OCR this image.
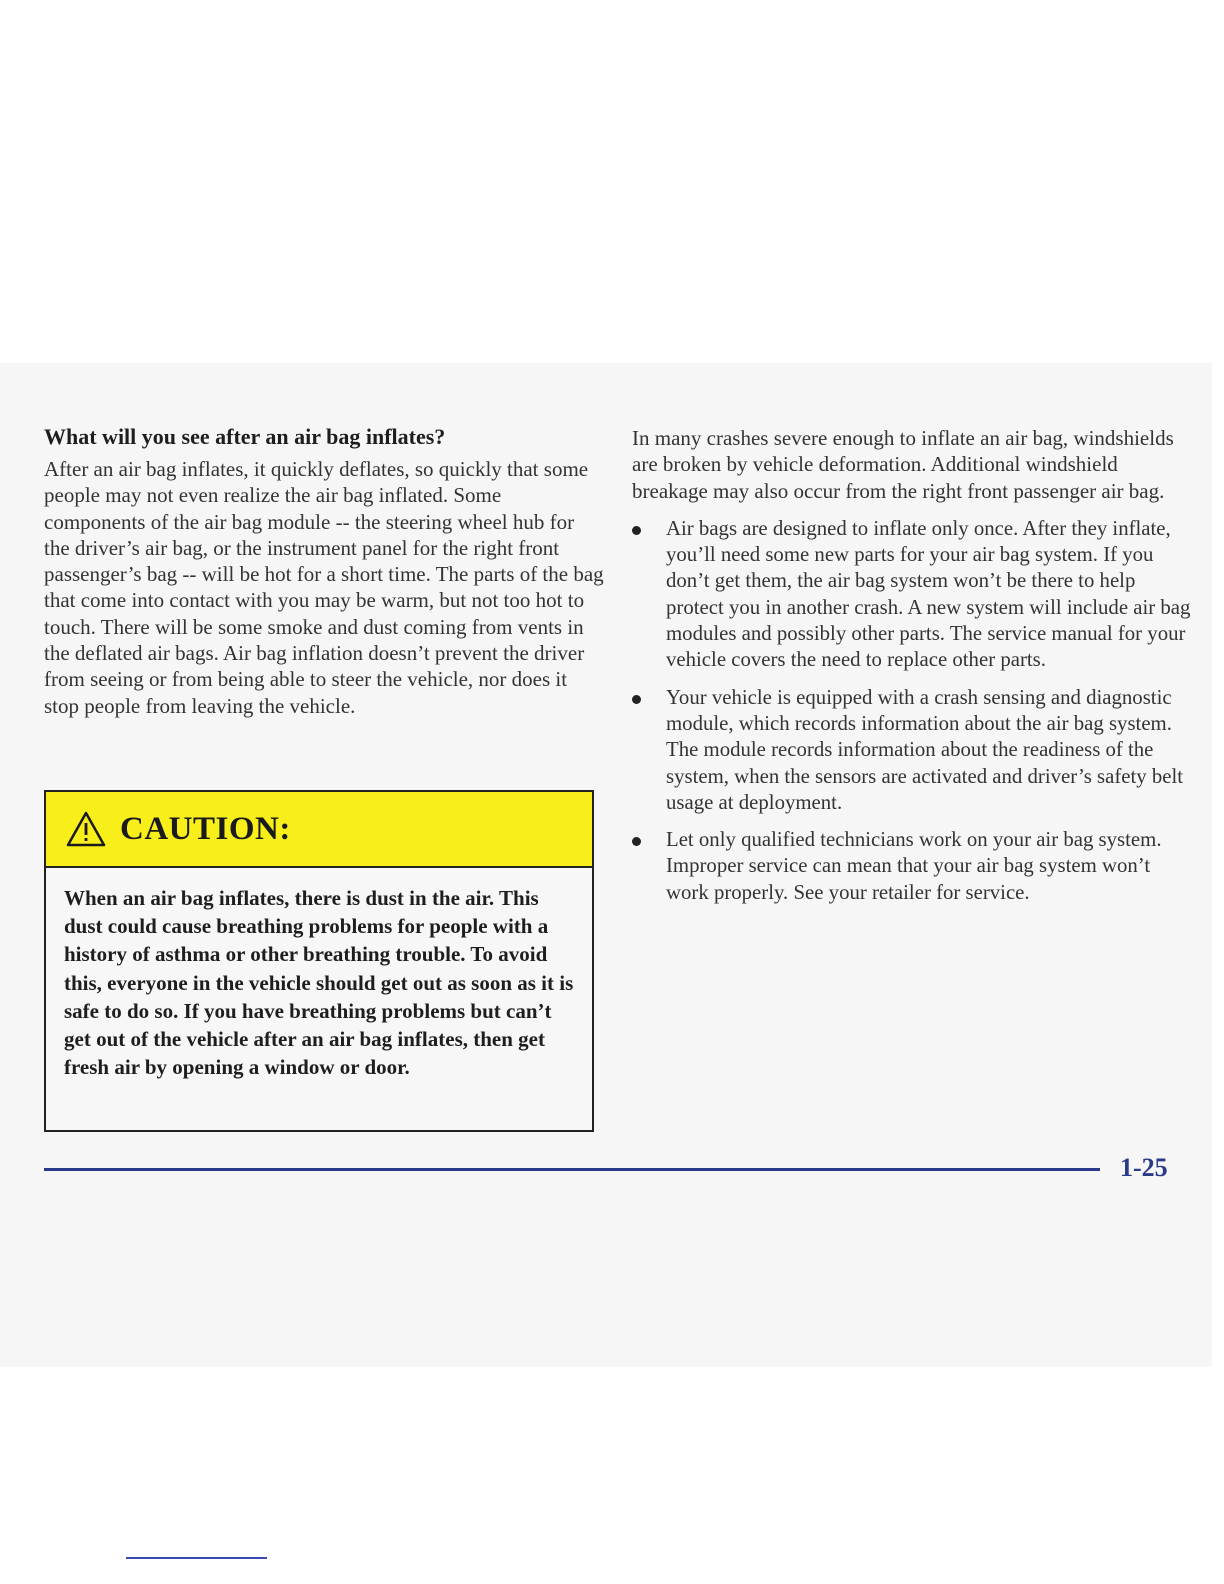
What will you see after an air bag inflates?

After an air bag inflates, it quickly deflates, so quickly that some people may not even realize the air bag inflated. Some components of the air bag module -- the steering wheel hub for the driver’s air bag, or the instrument panel for the right front passenger’s bag -- will be hot for a short time. The parts of the bag that come into contact with you may be warm, but not too hot to touch. There will be some smoke and dust coming from vents in the deflated air bags. Air bag inflation doesn’t prevent the driver from seeing or from being able to steer the vehicle, nor does it stop people from leaving the vehicle.

CAUTION:
When an air bag inflates, there is dust in the air. This dust could cause breathing problems for people with a history of asthma or other breathing trouble. To avoid this, everyone in the vehicle should get out as soon as it is safe to do so. If you have breathing problems but can’t get out of the vehicle after an air bag inflates, then get fresh air by opening a window or door.

In many crashes severe enough to inflate an air bag, windshields are broken by vehicle deformation. Additional windshield breakage may also occur from the right front passenger air bag.

Air bags are designed to inflate only once. After they inflate, you’ll need some new parts for your air bag system. If you don’t get them, the air bag system won’t be there to help protect you in another crash. A new system will include air bag modules and possibly other parts. The service manual for your vehicle covers the need to replace other parts.

Your vehicle is equipped with a crash sensing and diagnostic module, which records information about the air bag system. The module records information about the readiness of the system, when the sensors are activated and driver’s safety belt usage at deployment.

Let only qualified technicians work on your air bag system. Improper service can mean that your air bag system won’t work properly. See your retailer for service.

1-25
